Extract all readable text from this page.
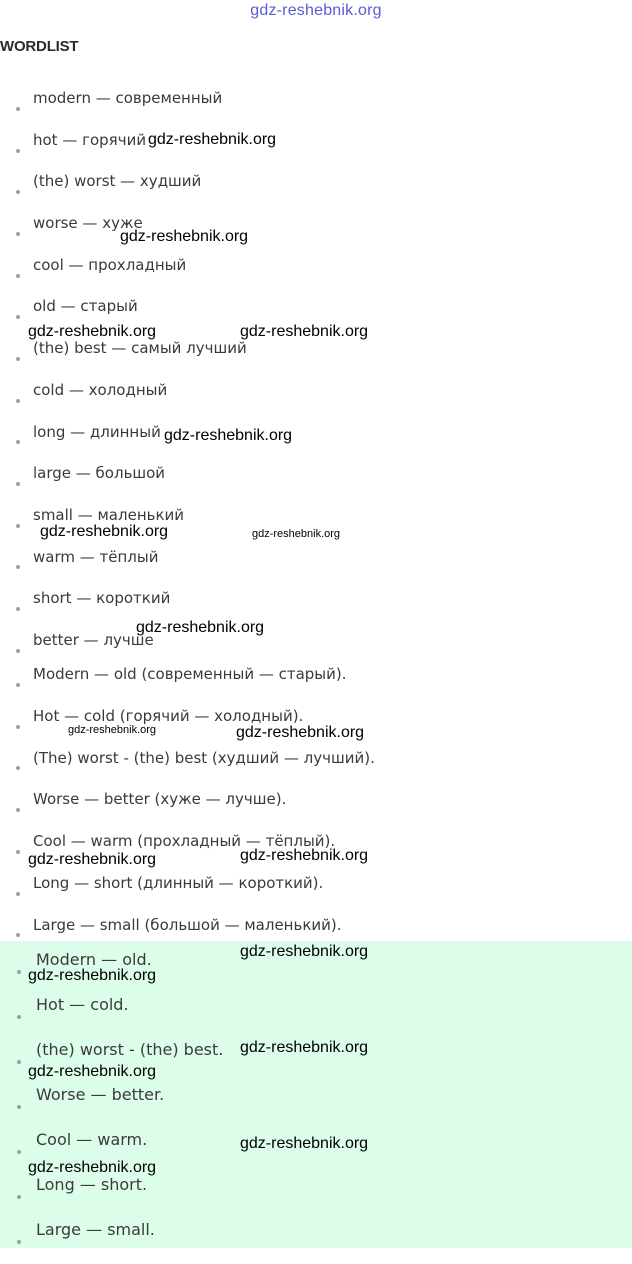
gdz-reshebnik.org
WORDLIST
modern — современный
hot — горячий
(the) worst — худший
worse — хуже
cool — прохладный
old — старый
(the) best — самый лучший
cold — холодный
long — длинный
large — большой
small — маленький
warm — тёплый
short — короткий
better — лучше
Modern — old (современный — старый).
Hot — cold (горячий — холодный).
(The) worst - (the) best (худший — лучший).
Worse — better (хуже — лучше).
Cool — warm (прохладный — тёплый).
Long — short (длинный — короткий).
Large — small (большой — маленький).
Modern — old.
Hot — cold.
(the) worst - (the) best.
Worse — better.
Cool — warm.
Long — short.
Large — small.
gdz-reshebnik.org
gdz-reshebnik.org
gdz-reshebnik.org	gdz-reshebnik.org
gdz-reshebnik.org
gdz-reshebnik.org	gdz-reshebnik.org
gdz-reshebnik.org
gdz-reshebnik.org	gdz-reshebnik.org
gdz-reshebnik.org
gdz-reshebnik.org
gdz-reshebnik.org
gdz-reshebnik.org
gdz-reshebnik.org
gdz-reshebnik.org
gdz-reshebnik.org
gdz-reshebnik.org
